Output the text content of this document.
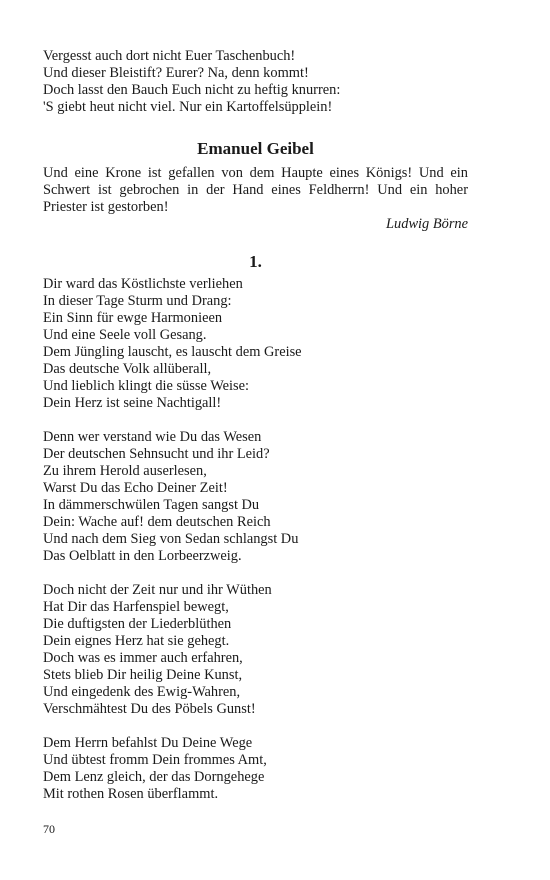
Vergesst auch dort nicht Euer Taschenbuch!
Und dieser Bleistift? Eurer? Na, denn kommt!
Doch lasst den Bauch Euch nicht zu heftig knurren:
'S giebt heut nicht viel. Nur ein Kartoffelsüpplein!
Emanuel Geibel
Und eine Krone ist gefallen von dem Haupte eines Königs! Und ein Schwert ist gebrochen in der Hand eines Feldherrn! Und ein hoher Priester ist gestorben!
Ludwig Börne
1.
Dir ward das Köstlichste verliehen
In dieser Tage Sturm und Drang:
Ein Sinn für ewge Harmonieen
Und eine Seele voll Gesang.
Dem Jüngling lauscht, es lauscht dem Greise
Das deutsche Volk allüberall,
Und lieblich klingt die süsse Weise:
Dein Herz ist seine Nachtigall!
Denn wer verstand wie Du das Wesen
Der deutschen Sehnsucht und ihr Leid?
Zu ihrem Herold auserlesen,
Warst Du das Echo Deiner Zeit!
In dämmerschwülen Tagen sangst Du
Dein: Wache auf! dem deutschen Reich
Und nach dem Sieg von Sedan schlangst Du
Das Oelblatt in den Lorbeerzweig.
Doch nicht der Zeit nur und ihr Wüthen
Hat Dir das Harfenspiel bewegt,
Die duftigsten der Liederblüthen
Dein eignes Herz hat sie gehegt.
Doch was es immer auch erfahren,
Stets blieb Dir heilig Deine Kunst,
Und eingedenk des Ewig-Wahren,
Verschmähtest Du des Pöbels Gunst!
Dem Herrn befahlst Du Deine Wege
Und übtest fromm Dein frommes Amt,
Dem Lenz gleich, der das Dorngehege
Mit rothen Rosen überflammt.
70
